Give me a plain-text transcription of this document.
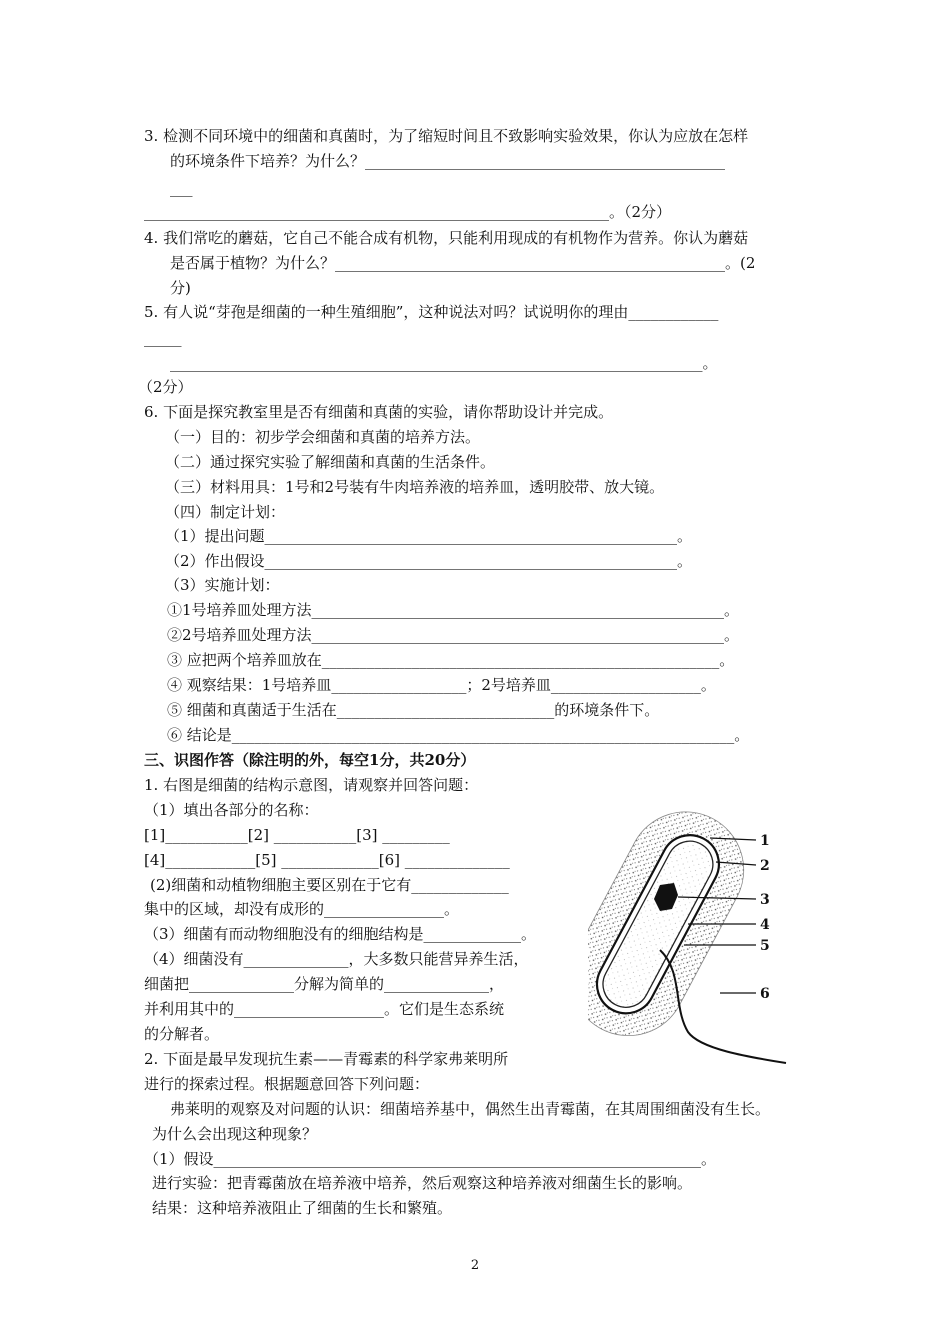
3. 检测不同环境中的细菌和真菌时，为了缩短时间且不致影响实验效果，你认为应放在怎样
的环境条件下培养？为什么？________________________________________________
___
______________________________________________________________。（2分）
4. 我们常吃的蘑菇，它自己不能合成有机物，只能利用现成的有机物作为营养。你认为蘑菇
是否属于植物？为什么？____________________________________________________。(2
分)
5. 有人说“芽孢是细菌的一种生殖细胞”，这种说法对吗？试说明你的理由____________
_____
_______________________________________________________________________。
（2分）
6. 下面是探究教室里是否有细菌和真菌的实验，请你帮助设计并完成。
（一）目的：初步学会细菌和真菌的培养方法。
（二）通过探究实验了解细菌和真菌的生活条件。
（三）材料用具：1号和2号装有牛肉培养液的培养皿，透明胶带、放大镜。
（四）制定计划：
（1）提出问题_______________________________________________________。
（2）作出假设_______________________________________________________。
（3）实施计划：
①1号培养皿处理方法_______________________________________________________。
②2号培养皿处理方法_______________________________________________________。
③ 应把两个培养皿放在_____________________________________________________。
④ 观察结果：1号培养皿__________________；2号培养皿____________________。
⑤ 细菌和真菌适于生活在_____________________________的环境条件下。
⑥ 结论是___________________________________________________________________。
三、识图作答（除注明的外，每空1分，共20分）
1. 右图是细菌的结构示意图，请观察并回答问题：
（1）填出各部分的名称：
[1]___________[2] ___________[3] _________
[4]____________[5] _____________[6] ______________
(2)细菌和动植物细胞主要区别在于它有_____________
集中的区域，却没有成形的________________。
（3）细菌有而动物细胞没有的细胞结构是_____________。
（4）细菌没有______________，大多数只能营异养生活，
细菌把______________分解为简单的______________，
并利用其中的____________________。它们是生态系统
的分解者。
2. 下面是最早发现抗生素——青霉素的科学家弗莱明所
进行的探索过程。根据题意回答下列问题：
弗莱明的观察及对问题的认识：细菌培养基中，偶然生出青霉菌，在其周围细菌没有生长。
为什么会出现这种现象？
（1）假设_________________________________________________________________。
进行实验：把青霉菌放在培养液中培养，然后观察这种培养液对细菌生长的影响。
结果：这种培养液阻止了细菌的生长和繁殖。
1
2
3
4
5
6
2
